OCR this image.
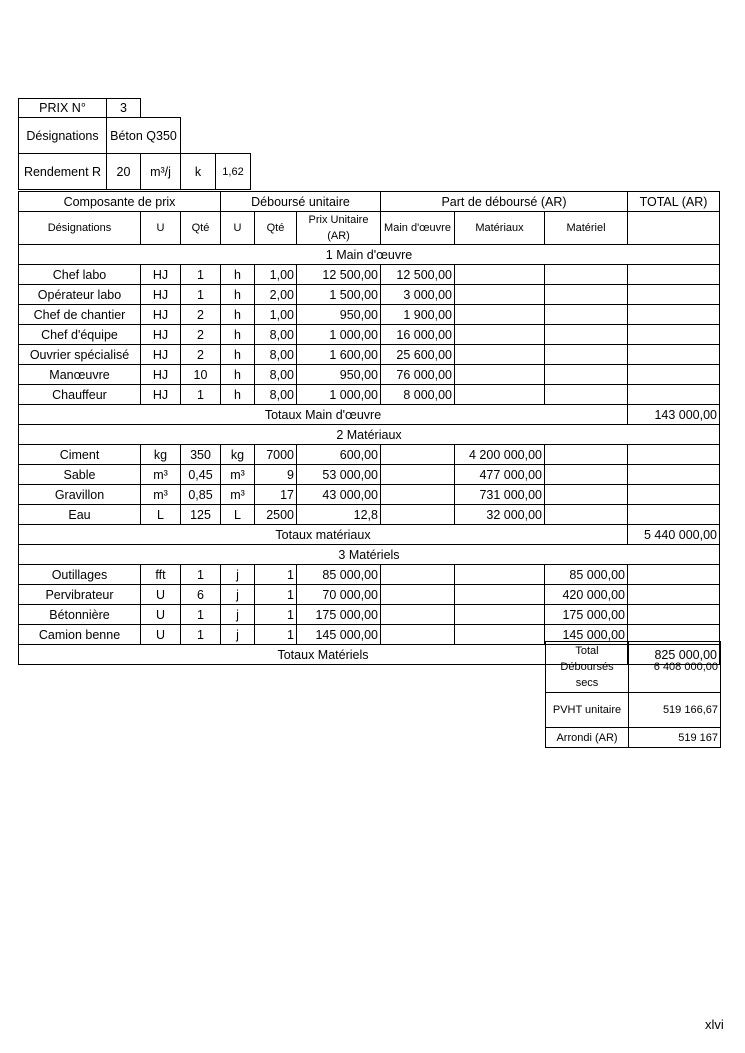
PRIX N°	3			
Désignations	Béton Q350			
Rendement R	20	m³/j	k	1,62
Composante de prix			Déboursé unitaire			Part de déboursé (AR)			TOTAL (AR)
Désignations	U	Qté	U	Qté	Prix Unitaire (AR)	Main d'œuvre	Matériaux	Matériel	
1 Main d'œuvre									
Chef labo	HJ	1	h	1,00	12 500,00	12 500,00			
Opérateur labo	HJ	1	h	2,00	1 500,00	3 000,00			
Chef de chantier	HJ	2	h	1,00	950,00	1 900,00			
Chef d'équipe	HJ	2	h	8,00	1 000,00	16 000,00			
Ouvrier spécialisé	HJ	2	h	8,00	1 600,00	25 600,00			
Manœuvre	HJ	10	h	8,00	950,00	76 000,00			
Chauffeur	HJ	1	h	8,00	1 000,00	8 000,00			
Totaux Main d'œuvre									143 000,00
2 Matériaux									
Ciment	kg	350	kg	7000	600,00		4 200 000,00		
Sable	m³	0,45	m³	9	53 000,00		477 000,00		
Gravillon	m³	0,85	m³	17	43 000,00		731 000,00		
Eau	L	125	L	2500	12,8		32 000,00		
Totaux matériaux									5 440 000,00
3 Matériels									
Outillages	fft	1	j	1	85 000,00			85 000,00	
Pervibrateur	U	6	j	1	70 000,00			420 000,00	
Bétonnière	U	1	j	1	175 000,00			175 000,00	
Camion benne	U	1	j	1	145 000,00			145 000,00	
Totaux Matériels									825 000,00
Total Déboursés secs	6 408 000,00
PVHT unitaire	519 166,67
Arrondi (AR)	519 167
xlvi
